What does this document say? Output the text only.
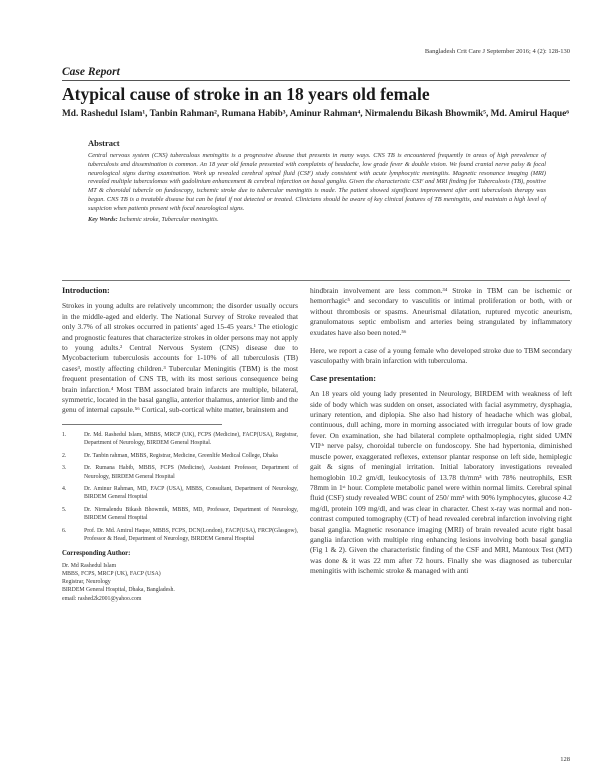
Bangladesh Crit Care J September 2016; 4 (2): 128-130
Case Report
Atypical cause of stroke in an 18 years old female
Md. Rashedul Islam¹, Tanbin Rahman², Rumana Habib³, Aminur Rahman⁴, Nirmalendu Bikash Bhowmik⁵, Md. Amirul Haque⁶
Abstract

Central nervous system (CNS) tuberculous meningitis is a progressive disease that presents in many ways. CNS TB is encountered frequently in areas of high prevalence of tuberculosis and dissemination is common. An 18 year old female presented with complaints of headache, low grade fever & double vision. We found cranial nerve palsy & focal neurological signs during examination. Work up revealed cerebral spinal fluid (CSF) study consistent with acute lymphocytic meningitis. Magnetic resonance imaging (MRI) revealed multiple tuberculomas with gadolinium enhancement & cerebral infarction on basal ganglia. Given the characteristic CSF and MRI finding for Tuberculosis (TB), positive MT & choroidal tubercle on fundoscopy, ischemic stroke due to tubercular meningitis is made. The patient showed significant improvement after anti tuberculosis therapy was begun. CNS TB is a treatable disease but can be fatal if not detected or treated. Clinicians should be aware of key clinical features of TB meningitis, and maintain a high level of suspicion when patients present with focal neurological signs.

Key Words: Ischemic stroke, Tubercular meningitis.
Introduction:

Strokes in young adults are relatively uncommon; the disorder usually occurs in the middle-aged and elderly. The National Survey of Stroke revealed that only 3.7% of all strokes occurred in patients' aged 15-45 years.¹ The etiologic and prognostic features that characterize strokes in older persons may not apply to young adults.² Central Nervous System (CNS) disease due to Mycobacterium tuberculosis accounts for 1-10% of all tuberculosis (TB) cases³, mostly affecting children.³ Tubercular Meningitis (TBM) is the most frequent presentation of CNS TB, with its most serious consequence being brain infarction.⁴ Most TBM associated brain infarcts are multiple, bilateral, symmetric, located in the basal ganglia, anterior thalamus, anterior limb and the genu of internal capsule.⁵⁶ Cortical, sub-cortical white matter, brainstem and

1.	Dr. Md. Rashedul Islam, MBBS, MRCP (UK), FCPS (Medicine), FACP(USA), Registrar, Department of Neurology, BIRDEM General Hospital.
2.	Dr. Tanbin rahman, MBBS, Registrar, Medicine, Greenlife Medical College, Dhaka
3.	Dr. Rumana Habib, MBBS, FCPS (Medicine), Assistant Professor, Department of Neurology, BIRDEM General Hospital
4.	Dr. Aminur Rahman, MD, FACP (USA), MBBS, Consultant, Department of Neurology, BIRDEM General Hospital
5.	Dr. Nirmalendu Bikash Bhowmik, MBBS, MD, Professor, Department of Neurology, BIRDEM General Hospital
6.	Prof. Dr. Md. Amirul Haque, MBBS, FCPS, DCN(London), FACP(USA), FRCP(Glasgow), Professor & Head, Department of Neurology, BIRDEM General Hospital
Corresponding Author:
Dr. Md Rashedul Islam
MBBS, FCPS, MRCP (UK), FACP (USA)
Registrar, Neurology
BIRDEM General Hospital, Dhaka, Bangladesh.
email: rashed2k2001@yahoo.com

hindbrain involvement are less common.³⁴ Stroke in TBM can be ischemic or hemorrhagic⁵ and secondary to vasculitis or intimal proliferation or both, with or without thrombosis or spasms. Aneurismal dilatation, ruptured mycotic aneurism, granulomatous septic embolism and arteries being strangulated by inflammatory exudates have also been noted.⁵⁶

Here, we report a case of a young female who developed stroke due to TBM secondary vasculopathy with brain infarction with tuberculoma.

Case presentation:

An 18 years old young lady presented in Neurology, BIRDEM with weakness of left side of body which was sudden on onset, associated with facial asymmetry, dysphagia, urinary retention, and diplopia. She also had history of headache which was global, continuous, dull aching, more in morning associated with irregular bouts of low grade fever. On examination, she had bilateral complete opthalmoplegia, right sided UMN VIIᵗʰ nerve palsy, choroidal tubercle on fundoscopy. She had hypertonia, diminished muscle power, exaggerated reflexes, extensor plantar response on left side, hemiplegic gait & signs of meningial irritation. Initial laboratory investigations revealed hemoglobin 10.2 gm/dl, leukocytosis of 13.78 th/mm³ with 78% neutrophils, ESR 78mm in 1ˢᵗ hour. Complete metabolic panel were within normal limits. Cerebral spinal fluid (CSF) study revealed WBC count of 250/ mm³ with 90% lymphocytes, glucose 4.2 mg/dl, protein 109 mg/dl, and was clear in character. Chest x-ray was normal and non-contrast computed tomography (CT) of head revealed cerebral infarction involving right basal ganglia. Magnetic resonance imaging (MRI) of brain revealed acute right basal ganglia infarction with multiple ring enhancing lesions involving both basal ganglia (Fig 1 & 2). Given the characteristic finding of the CSF and MRI, Mantoux Test (MT) was done & it was 22 mm after 72 hours. Finally she was diagnosed as tubercular meningitis with ischemic stroke & managed with anti

128
